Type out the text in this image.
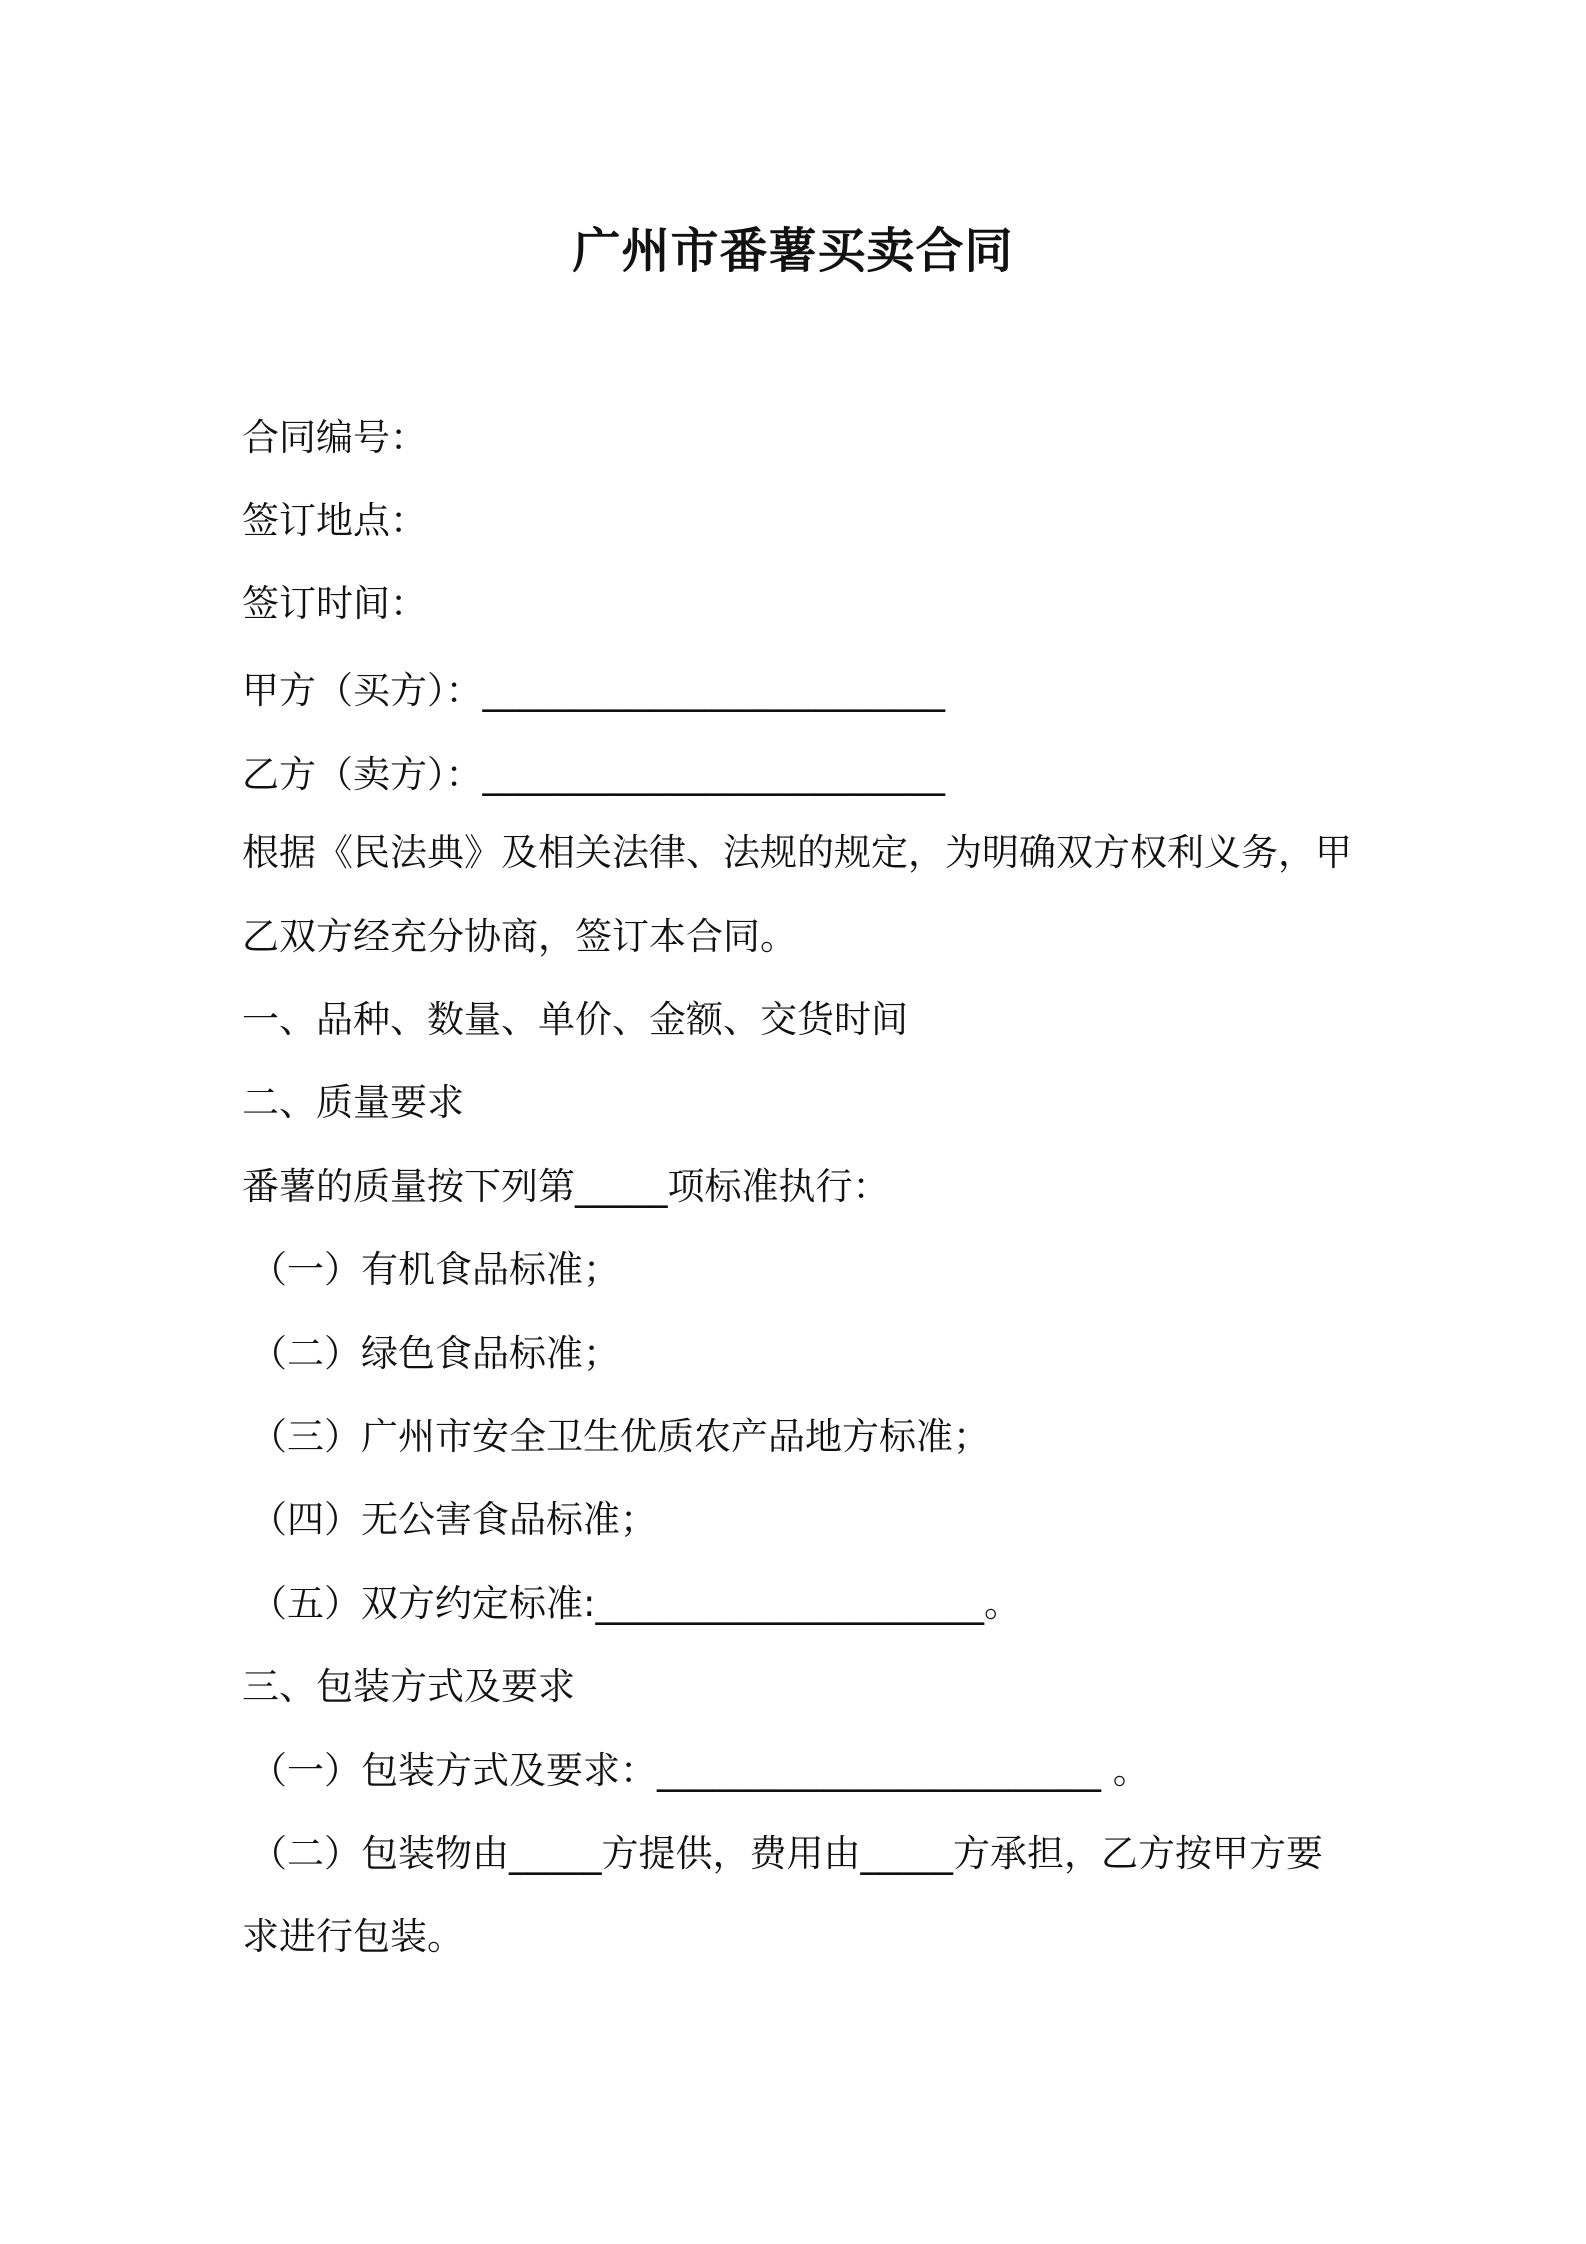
广州市番薯买卖合同
合同编号：
签订地点：
签订时间：
甲方（买方）：_________________________
乙方（卖方）：_________________________
根据《民法典》及相关法律、法规的规定，为明确双方权利义务，甲
乙双方经充分协商，签订本合同。
一、品种、数量、单价、金额、交货时间
二、质量要求
番薯的质量按下列第_____项标准执行：
（一）有机食品标准；
（二）绿色食品标准；
（三）广州市安全卫生优质农产品地方标准；
（四）无公害食品标准；
（五）双方约定标准:_____________________。
三、包装方式及要求
（一）包装方式及要求：________________________ 。
（二）包装物由_____方提供，费用由_____方承担，乙方按甲方要
求进行包装。
